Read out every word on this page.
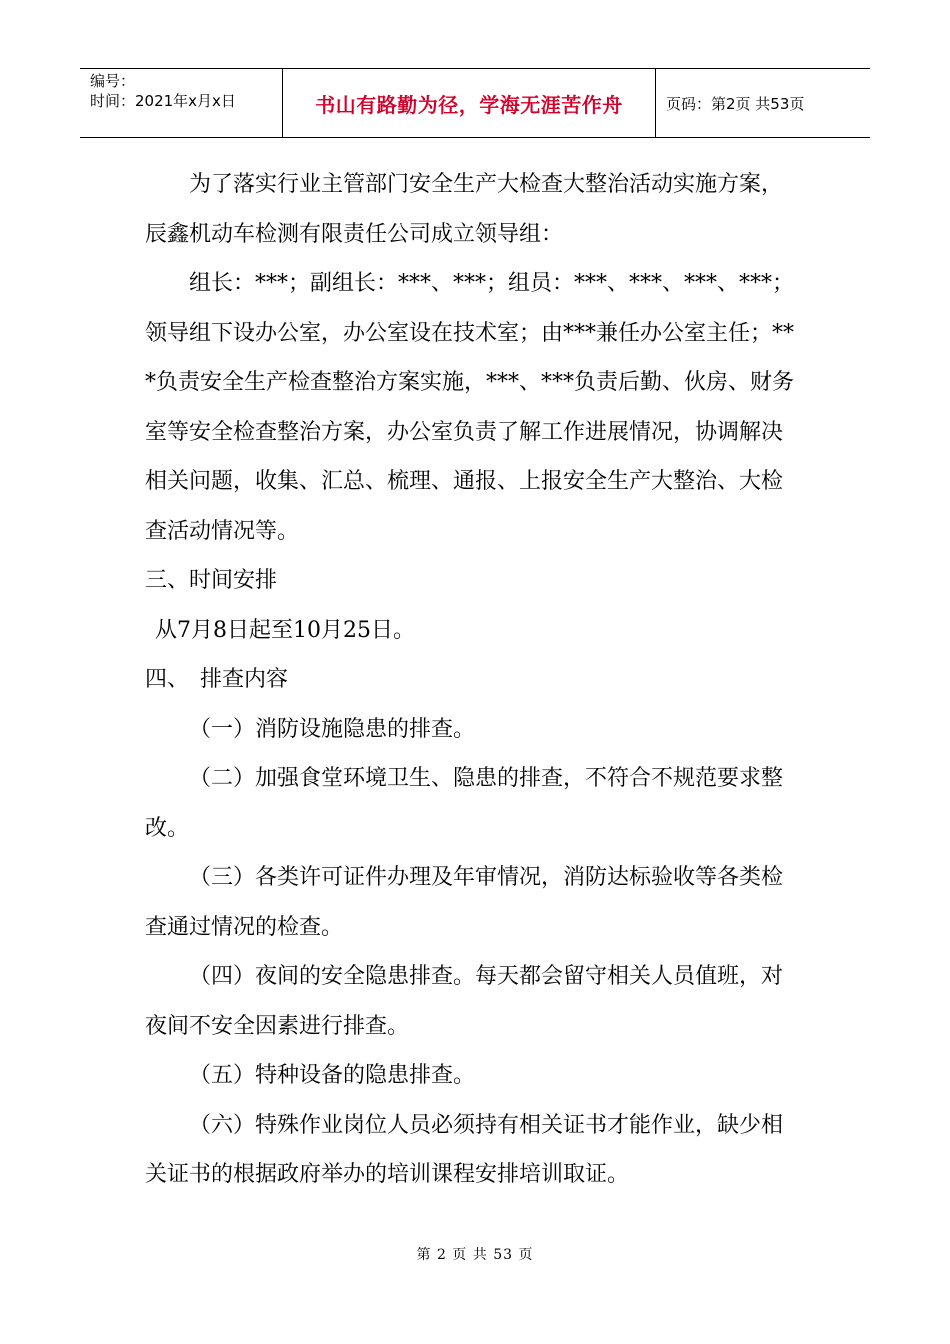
编号：
时间：2021年x月x日	书山有路勤为径，学海无涯苦作舟	页码：第2页 共53页
为了落实行业主管部门安全生产大检查大整治活动实施方案，
辰鑫机动车检测有限责任公司成立领导组：
组长：***；副组长：***、***；组员：***、***、***、***；
领导组下设办公室，办公室设在技术室；由***兼任办公室主任；**
*负责安全生产检查整治方案实施，***、***负责后勤、伙房、财务
室等安全检查整治方案，办公室负责了解工作进展情况，协调解决
相关问题，收集、汇总、梳理、通报、上报安全生产大整治、大检
查活动情况等。
三、时间安排
从7月8日起至10月25日。
四、　排查内容
（一）消防设施隐患的排查。
（二）加强食堂环境卫生、隐患的排查，不符合不规范要求整
改。
（三）各类许可证件办理及年审情况，消防达标验收等各类检
查通过情况的检查。
（四）夜间的安全隐患排查。每天都会留守相关人员值班，对
夜间不安全因素进行排查。
（五）特种设备的隐患排查。
（六）特殊作业岗位人员必须持有相关证书才能作业，缺少相
关证书的根据政府举办的培训课程安排培训取证。
第 2 页 共 53 页
